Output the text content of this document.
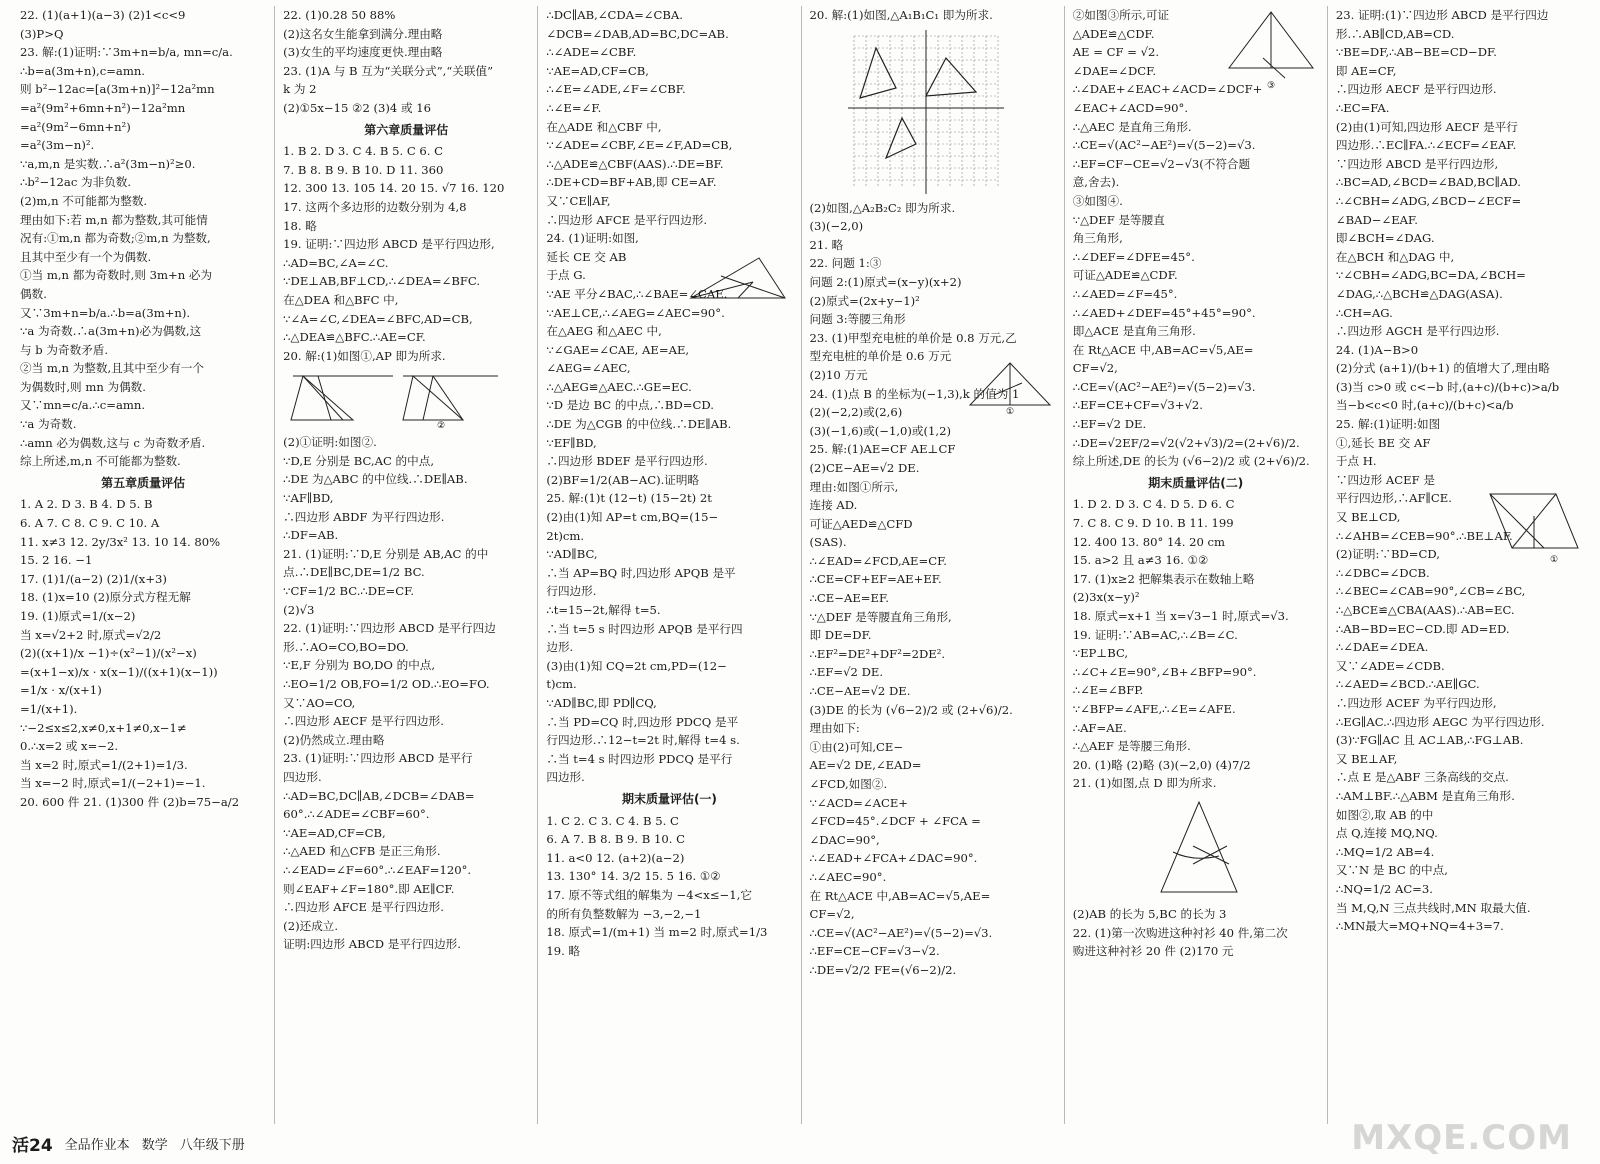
22. (1)(a+1)(a−3) (2)1<c<9
(3)P>Q
23. 解:(1)证明:∵3m+n=b/a, mn=c/a.
∴b=a(3m+n),c=amn.
则 b²−12ac=[a(3m+n)]²−12a²mn
=a²(9m²+6mn+n²)−12a²mn
=a²(9m²−6mn+n²)
=a²(3m−n)².
∵a,m,n 是实数.∴a²(3m−n)²≥0.
∴b²−12ac 为非负数.
(2)m,n 不可能都为整数.
理由如下:若 m,n 都为整数,其可能情
况有:①m,n 都为奇数;②m,n 为整数,
且其中至少有一个为偶数.
①当 m,n 都为奇数时,则 3m+n 必为
偶数.
又∵3m+n=b/a.∴b=a(3m+n).
∵a 为奇数.∴a(3m+n)必为偶数,这
与 b 为奇数矛盾.
②当 m,n 为整数,且其中至少有一个
为偶数时,则 mn 为偶数.
又∵mn=c/a.∴c=amn.
∵a 为奇数.
∴amn 必为偶数,这与 c 为奇数矛盾.
综上所述,m,n 不可能都为整数.
第五章质量评估
1. A 2. D 3. B 4. D 5. B
6. A 7. C 8. C 9. C 10. A
11. x≠3 12. 2y/3x² 13. 10 14. 80%
15. 2 16. −1
17. (1)1/(a−2) (2)1/(x+3)
18. (1)x=10 (2)原分式方程无解
19. (1)原式=1/(x−2)
当 x=√2+2 时,原式=√2/2
(2)((x+1)/x −1)÷(x²−1)/(x²−x)
=(x+1−x)/x · x(x−1)/((x+1)(x−1))
=1/x · x/(x+1)
=1/(x+1).
∵−2≤x≤2,x≠0,x+1≠0,x−1≠
0.∴x=2 或 x=−2.
当 x=2 时,原式=1/(2+1)=1/3.
当 x=−2 时,原式=1/(−2+1)=−1.
20. 600 件 21. (1)300 件 (2)b=75−a/2
22. (1)0.28 50 88%
(2)这名女生能拿到满分.理由略
(3)女生的平均速度更快.理由略
23. (1)A 与 B 互为“关联分式”,“关联值”
k 为 2
(2)①5x−15 ②2 (3)4 或 16
第六章质量评估
1. B 2. D 3. C 4. B 5. C 6. C
7. B 8. B 9. B 10. D 11. 360
12. 300 13. 105 14. 20 15. √7 16. 120
17. 这两个多边形的边数分别为 4,8
18. 略
19. 证明:∵四边形 ABCD 是平行四边形,
∴AD=BC,∠A=∠C.
∵DE⊥AB,BF⊥CD,∴∠DEA=∠BFC.
在△DEA 和△BFC 中,
∵∠A=∠C,∠DEA=∠BFC,AD=CB,
∴△DEA≌△BFC.∴AE=CF.
20. 解:(1)如图①,AP 即为所求.
②
(2)①证明:如图②.
∵D,E 分别是 BC,AC 的中点,
∴DE 为△ABC 的中位线.∴DE∥AB.
∵AF∥BD,
∴四边形 ABDF 为平行四边形.
∴DF=AB.
21. (1)证明:∵D,E 分别是 AB,AC 的中
点.∴DE∥BC,DE=1/2 BC.
∵CF=1/2 BC.∴DE=CF.
(2)√3
22. (1)证明:∵四边形 ABCD 是平行四边
形.∴AO=CO,BO=DO.
∵E,F 分别为 BO,DO 的中点,
∴EO=1/2 OB,FO=1/2 OD.∴EO=FO.
又∵AO=CO,
∴四边形 AECF 是平行四边形.
(2)仍然成立.理由略
23. (1)证明:∵四边形 ABCD 是平行
四边形.
∴AD=BC,DC∥AB,∠DCB=∠DAB=
60°.∴∠ADE=∠CBF=60°.
∵AE=AD,CF=CB,
∴△AED 和△CFB 是正三角形.
∴∠EAD=∠F=60°.∴∠EAF=120°.
则∠EAF+∠F=180°.即 AE∥CF.
∴四边形 AFCE 是平行四边形.
(2)还成立.
证明:四边形 ABCD 是平行四边形.
∴DC∥AB,∠CDA=∠CBA.
∠DCB=∠DAB,AD=BC,DC=AB.
∴∠ADE=∠CBF.
∵AE=AD,CF=CB,
∴∠E=∠ADE,∠F=∠CBF.
∴∠E=∠F.
在△ADE 和△CBF 中,
∵∠ADE=∠CBF,∠E=∠F,AD=CB,
∴△ADE≌△CBF(AAS).∴DE=BF.
∴DE+CD=BF+AB,即 CE=AF.
又∵CE∥AF,
∴四边形 AFCE 是平行四边形.
24. (1)证明:如图,
延长 CE 交 AB
于点 G.
∵AE 平分∠BAC,∴∠BAE=∠CAE.
∵AE⊥CE,∴∠AEG=∠AEC=90°.
在△AEG 和△AEC 中,
∵∠GAE=∠CAE, AE=AE,
∠AEG=∠AEC,
∴△AEG≌△AEC.∴GE=EC.
∵D 是边 BC 的中点,∴BD=CD.
∴DE 为△CGB 的中位线.∴DE∥AB.
∵EF∥BD,
∴四边形 BDEF 是平行四边形.
(2)BF=1/2(AB−AC).证明略
25. 解:(1)t (12−t) (15−2t) 2t
(2)由(1)知 AP=t cm,BQ=(15−
2t)cm.
∵AD∥BC,
∴当 AP=BQ 时,四边形 APQB 是平
行四边形.
∴t=15−2t,解得 t=5.
∴当 t=5 s 时四边形 APQB 是平行四
边形.
(3)由(1)知 CQ=2t cm,PD=(12−
t)cm.
∵AD∥BC,即 PD∥CQ,
∴当 PD=CQ 时,四边形 PDCQ 是平
行四边形.∴12−t=2t 时,解得 t=4 s.
∴当 t=4 s 时四边形 PDCQ 是平行
四边形.
期末质量评估(一)
1. C 2. C 3. C 4. B 5. C
6. A 7. B 8. B 9. B 10. C
11. a<0 12. (a+2)(a−2)
13. 130° 14. 3/2 15. 5 16. ①②
17. 原不等式组的解集为 −4<x≤−1,它
的所有负整数解为 −3,−2,−1
18. 原式=1/(m+1) 当 m=2 时,原式=1/3
19. 略
20. 解:(1)如图,△A₁B₁C₁ 即为所求.
①
(2)如图,△A₂B₂C₂ 即为所求.
(3)(−2,0)
21. 略
22. 问题 1:③
问题 2:(1)原式=(x−y)(x+2)
(2)原式=(2x+y−1)²
问题 3:等腰三角形
23. (1)甲型充电桩的单价是 0.8 万元,乙
型充电桩的单价是 0.6 万元
(2)10 万元
24. (1)点 B 的坐标为(−1,3),k 的值为 1
(2)(−2,2)或(2,6)
(3)(−1,6)或(−1,0)或(1,2)
25. 解:(1)AE=CF AE⊥CF
(2)CE−AE=√2 DE.
理由:如图①所示,
连接 AD.
可证△AED≌△CFD
(SAS).
∴∠EAD=∠FCD,AE=CF.
∴CE=CF+EF=AE+EF.
∴CE−AE=EF.
∵△DEF 是等腰直角三角形,
即 DE=DF.
∴EF²=DE²+DF²=2DE².
∴EF=√2 DE.
∴CE−AE=√2 DE.
(3)DE 的长为 (√6−2)/2 或 (2+√6)/2.
理由如下:
①由(2)可知,CE−
AE=√2 DE,∠EAD=
∠FCD,如图②.
∵∠ACD=∠ACE+
∠FCD=45°.∠DCF + ∠FCA =
∠DAC=90°,
∴∠EAD+∠FCA+∠DAC=90°.
∴∠AEC=90°.
在 Rt△ACE 中,AB=AC=√5,AE=
CF=√2,
∴CE=√(AC²−AE²)=√(5−2)=√3.
∴EF=CE−CF=√3−√2.
∴DE=√2/2 FE=(√6−2)/2.
③
②如图③所示,可证
△ADE≌△CDF.
AE = CF = √2.
∠DAE=∠DCF.
∴∠DAE+∠EAC+∠ACD=∠DCF+
∠EAC+∠ACD=90°.
∴△AEC 是直角三角形.
∴CE=√(AC²−AE²)=√(5−2)=√3.
∴EF=CF−CE=√2−√3(不符合题
意,舍去).
③如图④.
∵△DEF 是等腰直
角三角形,
∴∠DEF=∠DFE=45°.
可证△ADE≌△CDF.
∴∠AED=∠F=45°.
∴∠AED+∠DEF=45°+45°=90°.
即△ACE 是直角三角形.
在 Rt△ACE 中,AB=AC=√5,AE=
CF=√2,
∴CE=√(AC²−AE²)=√(5−2)=√3.
∴EF=CE+CF=√3+√2.
∴EF=√2 DE.
∴DE=√2EF/2=√2(√2+√3)/2=(2+√6)/2.
综上所述,DE 的长为 (√6−2)/2 或 (2+√6)/2.
期末质量评估(二)
1. D 2. D 3. C 4. D 5. D 6. C
7. C 8. C 9. D 10. B 11. 199
12. 400 13. 80° 14. 20 cm
15. a>2 且 a≠3 16. ①②
17. (1)x≥2 把解集表示在数轴上略
(2)3x(x−y)²
18. 原式=x+1 当 x=√3−1 时,原式=√3.
19. 证明:∵AB=AC,∴∠B=∠C.
∵EP⊥BC,
∴∠C+∠E=90°,∠B+∠BFP=90°.
∴∠E=∠BFP.
∵∠BFP=∠AFE,∴∠E=∠AFE.
∴AF=AE.
∴△AEF 是等腰三角形.
20. (1)略 (2)略 (3)(−2,0) (4)7/2
21. (1)如图,点 D 即为所求.
(2)AB 的长为 5,BC 的长为 3
22. (1)第一次购进这种衬衫 40 件,第二次
购进这种衬衫 20 件 (2)170 元
①
23. 证明:(1)∵四边形 ABCD 是平行四边
形.∴AB∥CD,AB=CD.
∵BE=DF,∴AB−BE=CD−DF.
即 AE=CF,
∴四边形 AECF 是平行四边形.
∴EC=FA.
(2)由(1)可知,四边形 AECF 是平行
四边形.∴EC∥FA.∴∠ECF=∠EAF.
∵四边形 ABCD 是平行四边形,
∴BC=AD,∠BCD=∠BAD,BC∥AD.
∴∠CBH=∠ADG,∠BCD−∠ECF=
∠BAD−∠EAF.
即∠BCH=∠DAG.
在△BCH 和△DAG 中,
∵∠CBH=∠ADG,BC=DA,∠BCH=
∠DAG,∴△BCH≌△DAG(ASA).
∴CH=AG.
∴四边形 AGCH 是平行四边形.
24. (1)A−B>0
(2)分式 (a+1)/(b+1) 的值增大了,理由略
(3)当 c>0 或 c<−b 时,(a+c)/(b+c)>a/b
当−b<c<0 时,(a+c)/(b+c)<a/b
25. 解:(1)证明:如图
①,延长 BE 交 AF
于点 H.
∵四边形 ACEF 是
平行四边形,∴AF∥CE.
又 BE⊥CD,
∴∠AHB=∠CEB=90°.∴BE⊥AF.
(2)证明:∵BD=CD,
∴∠DBC=∠DCB.
∴∠BEC=∠CAB=90°,∠CB=∠BC,
∴△BCE≌△CBA(AAS).∴AB=EC.
∴AB−BD=EC−CD.即 AD=ED.
∴∠DAE=∠DEA.
又∵∠ADE=∠CDB.
∴∠AED=∠BCD.∴AE∥GC.
∴四边形 ACEF 为平行四边形,
∴EG∥AC.∴四边形 AEGC 为平行四边形.
(3)∵FG∥AC 且 AC⊥AB,∴FG⊥AB.
又 BE⊥AF,
∴点 E 是△ABF 三条高线的交点.
∴AM⊥BF.∴△ABM 是直角三角形.
如图②,取 AB 的中
点 Q,连接 MQ,NQ.
∴MQ=1/2 AB=4.
又∵N 是 BC 的中点,
∴NQ=1/2 AC=3.
当 M,Q,N 三点共线时,MN 取最大值.
∴MN最大=MQ+NQ=4+3=7.
活24 全品作业本 数学 八年级下册	MXQE.COM
